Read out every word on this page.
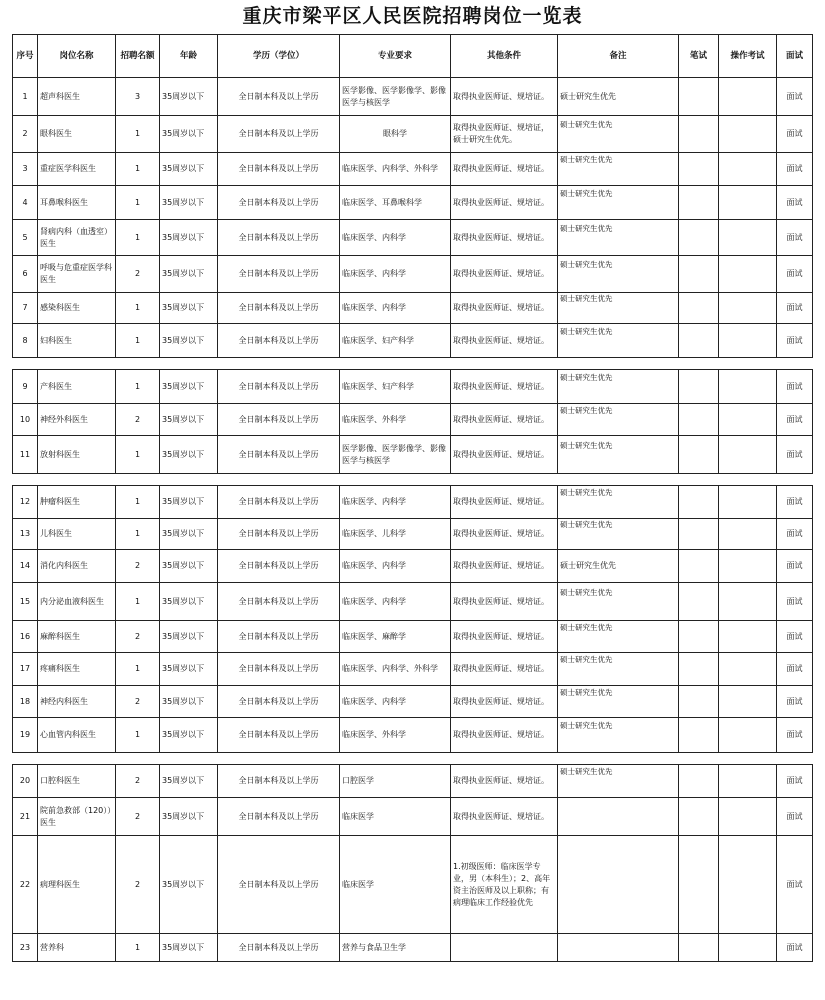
重庆市梁平区人民医院招聘岗位一览表
序号	岗位名称	招聘名额	年龄	学历（学位）	专业要求	其他条件	备注	笔试	操作考试	面试
1	超声科医生	3	35周岁以下	全日制本科及以上学历	医学影像、医学影像学、影像医学与核医学	取得执业医师证、规培证。	硕士研究生优先			面试
2	眼科医生	1	35周岁以下	全日制本科及以上学历	眼科学	取得执业医师证、规培证，硕士研究生优先。	硕士研究生优先			面试
3	重症医学科医生	1	35周岁以下	全日制本科及以上学历	临床医学、内科学、外科学	取得执业医师证、规培证。	硕士研究生优先			面试
4	耳鼻喉科医生	1	35周岁以下	全日制本科及以上学历	临床医学、耳鼻喉科学	取得执业医师证、规培证。	硕士研究生优先			面试
5	肾病内科（血透室）医生	1	35周岁以下	全日制本科及以上学历	临床医学、内科学	取得执业医师证、规培证。	硕士研究生优先			面试
6	呼吸与危重症医学科医生	2	35周岁以下	全日制本科及以上学历	临床医学、内科学	取得执业医师证、规培证。	硕士研究生优先			面试
7	感染科医生	1	35周岁以下	全日制本科及以上学历	临床医学、内科学	取得执业医师证、规培证。	硕士研究生优先			面试
8	妇科医生	1	35周岁以下	全日制本科及以上学历	临床医学、妇产科学	取得执业医师证、规培证。	硕士研究生优先			面试

9	产科医生	1	35周岁以下	全日制本科及以上学历	临床医学、妇产科学	取得执业医师证、规培证。	硕士研究生优先			面试
10	神经外科医生	2	35周岁以下	全日制本科及以上学历	临床医学、外科学	取得执业医师证、规培证。	硕士研究生优先			面试
11	放射科医生	1	35周岁以下	全日制本科及以上学历	医学影像、医学影像学、影像医学与核医学	取得执业医师证、规培证。	硕士研究生优先			面试

12	肿瘤科医生	1	35周岁以下	全日制本科及以上学历	临床医学、内科学	取得执业医师证、规培证。	硕士研究生优先			面试
13	儿科医生	1	35周岁以下	全日制本科及以上学历	临床医学、儿科学	取得执业医师证、规培证。	硕士研究生优先			面试
14	消化内科医生	2	35周岁以下	全日制本科及以上学历	临床医学、内科学	取得执业医师证、规培证。	硕士研究生优先			面试
15	内分泌血液科医生	1	35周岁以下	全日制本科及以上学历	临床医学、内科学	取得执业医师证、规培证。	硕士研究生优先			面试
16	麻醉科医生	2	35周岁以下	全日制本科及以上学历	临床医学、麻醉学	取得执业医师证、规培证。	硕士研究生优先			面试
17	疼痛科医生	1	35周岁以下	全日制本科及以上学历	临床医学、内科学、外科学	取得执业医师证、规培证。	硕士研究生优先			面试
18	神经内科医生	2	35周岁以下	全日制本科及以上学历	临床医学、内科学	取得执业医师证、规培证。	硕士研究生优先			面试
19	心血管内科医生	1	35周岁以下	全日制本科及以上学历	临床医学、外科学	取得执业医师证、规培证。	硕士研究生优先			面试

20	口腔科医生	2	35周岁以下	全日制本科及以上学历	口腔医学	取得执业医师证、规培证。	硕士研究生优先			面试
21	院前急救部（120））医生	2	35周岁以下	全日制本科及以上学历	临床医学	取得执业医师证、规培证。				面试
22	病理科医生	2	35周岁以下	全日制本科及以上学历	临床医学	1.初级医师：临床医学专业，男（本科生）；2、高年资主治医师及以上职称；有病理临床工作经验优先				面试
23	营养科	1	35周岁以下	全日制本科及以上学历	营养与食品卫生学					面试
